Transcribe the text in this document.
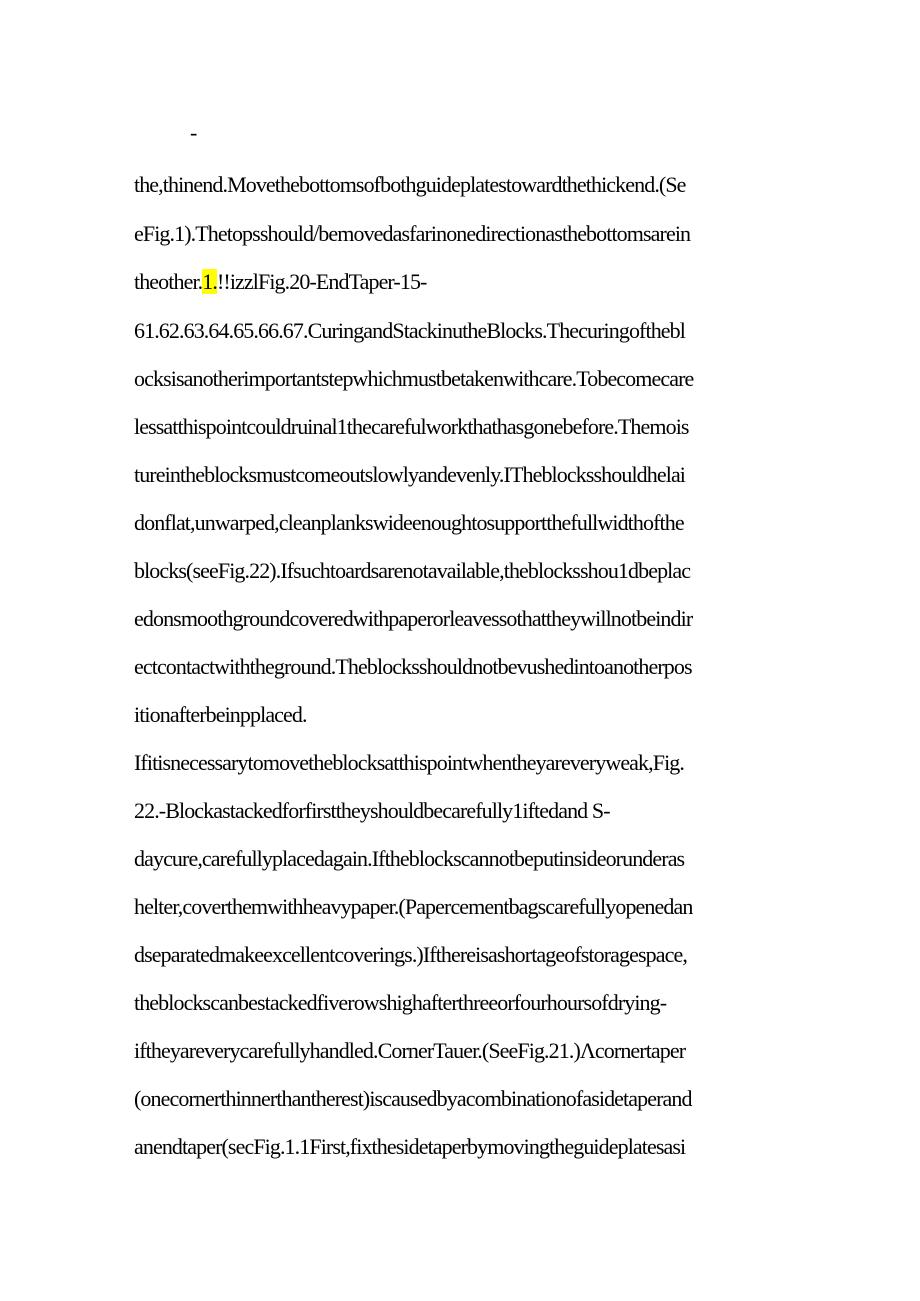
-
the,thinend.Movethebottomsofbothguideplatestowardthethickend.(Se
eFig.1).Thetopsshould/bemovedasfarinonedirectionasthebottomsarein
theother.1.!!izzlFig.20-EndTaper-15-
61.62.63.64.65.66.67.CuringandStackinutheBlocks.Thecuringofthebl
ocksisanotherimportantstepwhichmustbetakenwithcare.Tobecomecare
lessatthispointcouldruinal1thecarefulworkthathasgonebefore.Themois
tureintheblocksmustcomeoutslowlyandevenly.ITheblocksshouldhelai
donflat,unwarped,cleanplankswideenoughtosupportthefullwidthofthe
blocks(seeFig.22).Ifsuchtoardsarenotavailable,theblocksshou1dbeplac
edonsmoothgroundcoveredwithpaperorleavessothattheywillnotbeindir
ectcontactwiththeground.Theblocksshouldnotbevushedintoanotherpos
itionafterbeinpplaced.
Ifitisnecessarytomovetheblocksatthispointwhentheyareveryweak,Fig.
22.-Blockastackedforfirsttheyshouldbecarefully1iftedand S-
daycure,carefullyplacedagain.Iftheblockscannotbeputinsideorunderas
helter,coverthemwithheavypaper.(Papercementbagscarefullyopenedan
dseparatedmakeexcellentcoverings.)Ifthereisashortageofstoragespace,
theblockscanbestackedfiverowshighafterthreeorfourhoursofdrying-
iftheyareverycarefullyhandled.CornerTauer.(SeeFig.21.)Λcornertaper
(onecornerthinnerthantherest)iscausedbyacombinationofasidetaperand
anendtaper(secFig.1.1First,fixthesidetaperbymovingtheguideplatesasi
